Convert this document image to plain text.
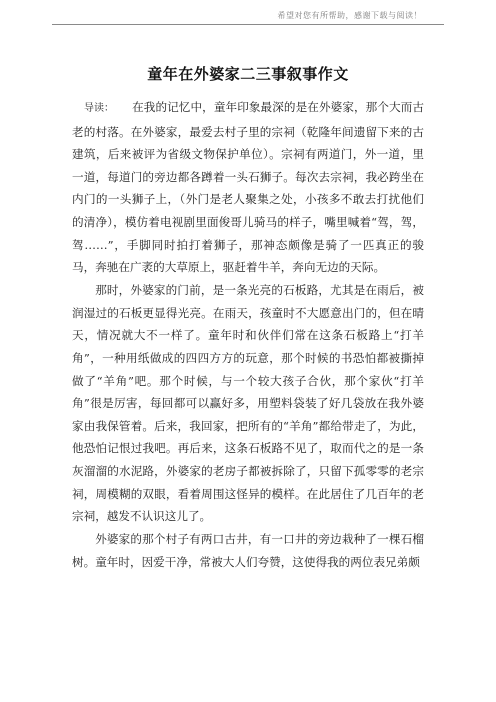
希望对您有所帮助，感谢下载与阅读！
童年在外婆家二三事叙事作文

导读： 在我的记忆中，童年印象最深的是在外婆家，那个大而古老的村落。在外婆家，最爱去村子里的宗祠（乾隆年间遗留下来的古建筑，后来被评为省级文物保护单位）。宗祠有两道门，外一道，里一道，每道门的旁边都各蹲着一头石狮子。每次去宗祠，我必跨坐在内门的一头狮子上，（外门是老人聚集之处，小孩多不敢去打扰他们的清净），模仿着电视剧里面俊哥儿骑马的样子，嘴里喊着“驾，驾，驾……”，手脚同时拍打着狮子，那神态颇像是骑了一匹真正的骏马，奔驰在广袤的大草原上，驱赶着牛羊，奔向无边的天际。

那时，外婆家的门前，是一条光亮的石板路，尤其是在雨后，被润湿过的石板更显得光亮。在雨天，孩童时不大愿意出门的，但在晴天，情况就大不一样了。童年时和伙伴们常在这条石板路上“打羊角”，一种用纸做成的四四方方的玩意，那个时候的书恐怕都被撕掉做了“羊角”吧。那个时候，与一个较大孩子合伙，那个家伙“打羊角”很是厉害，每回都可以赢好多，用塑料袋装了好几袋放在我外婆家由我保管着。后来，我回家，把所有的“羊角”都给带走了，为此，他恐怕记恨过我吧。再后来，这条石板路不见了，取而代之的是一条灰溜溜的水泥路，外婆家的老房子都被拆除了，只留下孤零零的老宗祠，周模糊的双眼，看着周围这怪异的模样。在此居住了几百年的老宗祠，越发不认识这儿了。

外婆家的那个村子有两口古井，有一口井的旁边栽种了一棵石榴树。童年时，因爱干净，常被大人们夸赞，这使得我的两位表兄弟颇
